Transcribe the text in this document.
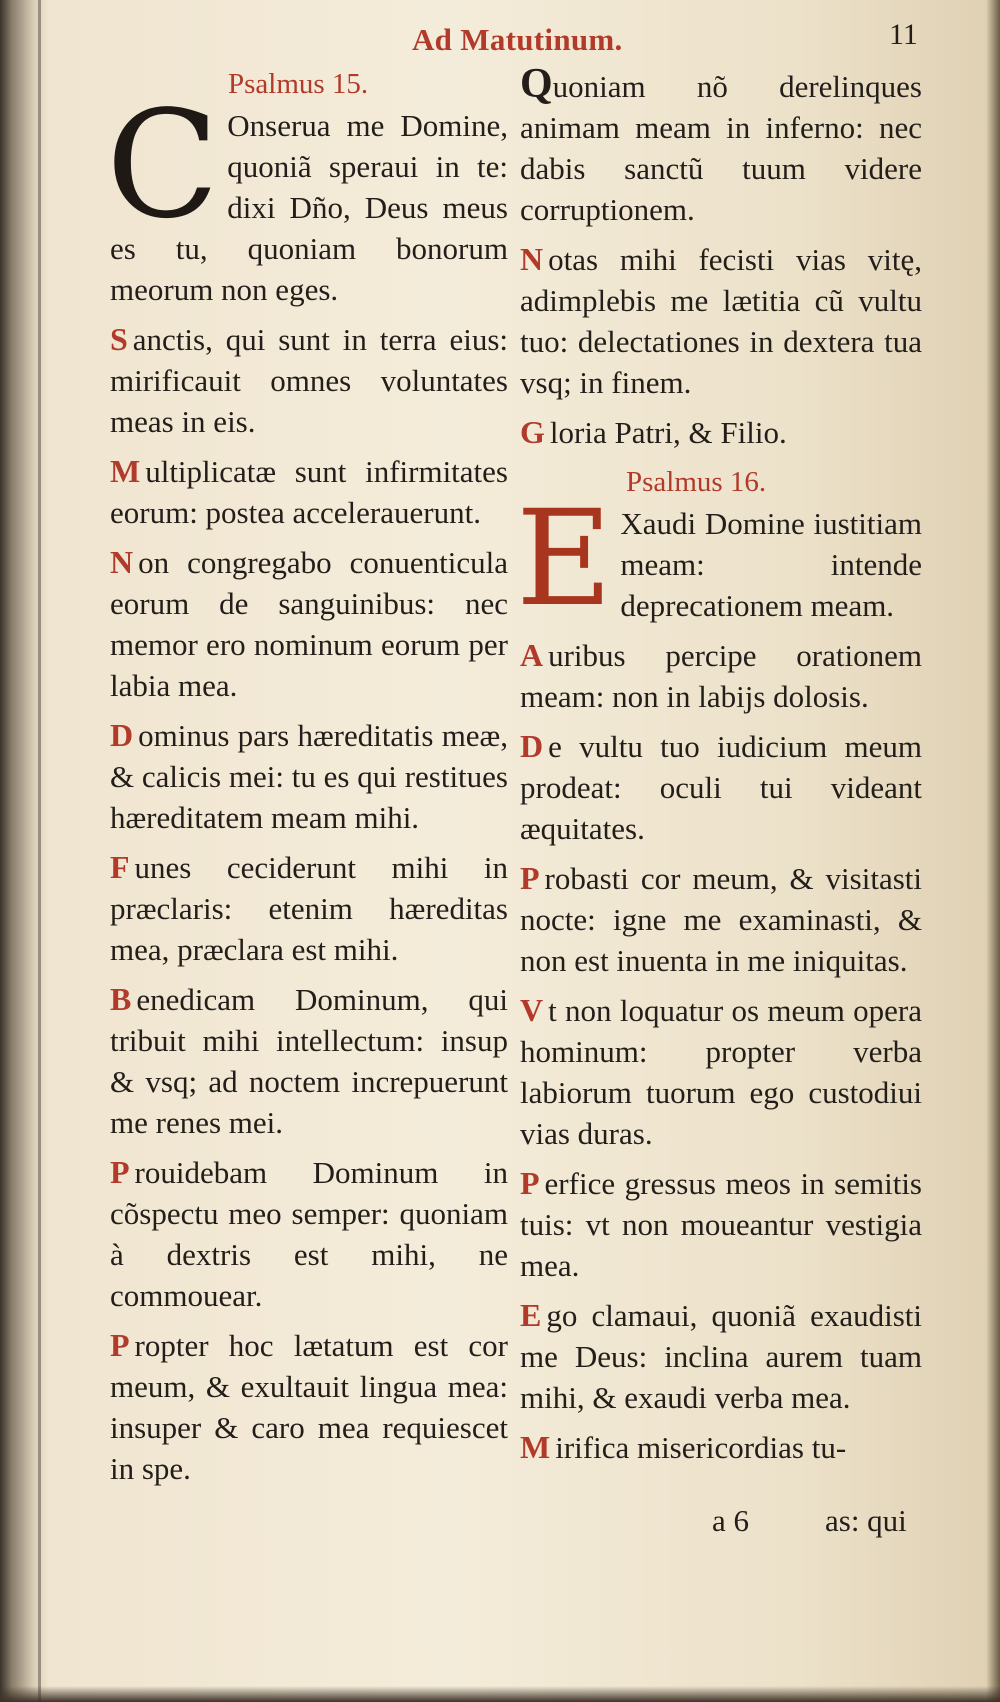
Ad Matutinum.	11
Psalmus 15.
C Onserua me Domine, quoniã speraui in te: dixi Dño, Deus meus es tu, quoniam bonorum meorum non eges.
S anctis, qui sunt in terra eius: mirificauit omnes voluntates meas in eis.
M ultiplicatæ sunt infirmitates eorum: postea accelerauerunt.
N on congregabo conuenticula eorum de sanguinibus: nec memor ero nominum eorum per labia mea.
D ominus pars hæreditatis meæ, & calicis mei: tu es qui restitues hæreditatem meam mihi.
F unes ceciderunt mihi in præclaris: etenim hæreditas mea, præclara est mihi.
B enedicam Dominum, qui tribuit mihi intellectum: insup & vsq; ad noctem increpuerunt me renes mei.
P rouidebam Dominum in cõspectu meo semper: quoniam à dextris est mihi, ne commouear.
P ropter hoc lætatum est cor meum, & exultauit lingua mea: insuper & caro mea requiescet in spe.
Quoniam nõ derelinques animam meam in inferno: nec dabis sanctũ tuum videre corruptionem.
N otas mihi fecisti vias vitę, adimplebis me lætitia cũ vultu tuo: delectationes in dextera tua vsq; in finem.
G loria Patri, & Filio.
Psalmus 16.
E Xaudi Domine iustitiam meam: intende deprecationem meam.
A uribus percipe orationem meam: non in labijs dolosis.
D e vultu tuo iudicium meum prodeat: oculi tui videant æquitates.
P robasti cor meum, & visitasti nocte: igne me examinasti, & non est inuenta in me iniquitas.
V t non loquatur os meum opera hominum: propter verba labiorum tuorum ego custodiui vias duras.
P erfice gressus meos in semitis tuis: vt non moueantur vestigia mea.
E go clamaui, quoniã exaudisti me Deus: inclina aurem tuam mihi, & exaudi verba mea.
M irifica misericordias tu-
a 6 as: qui
